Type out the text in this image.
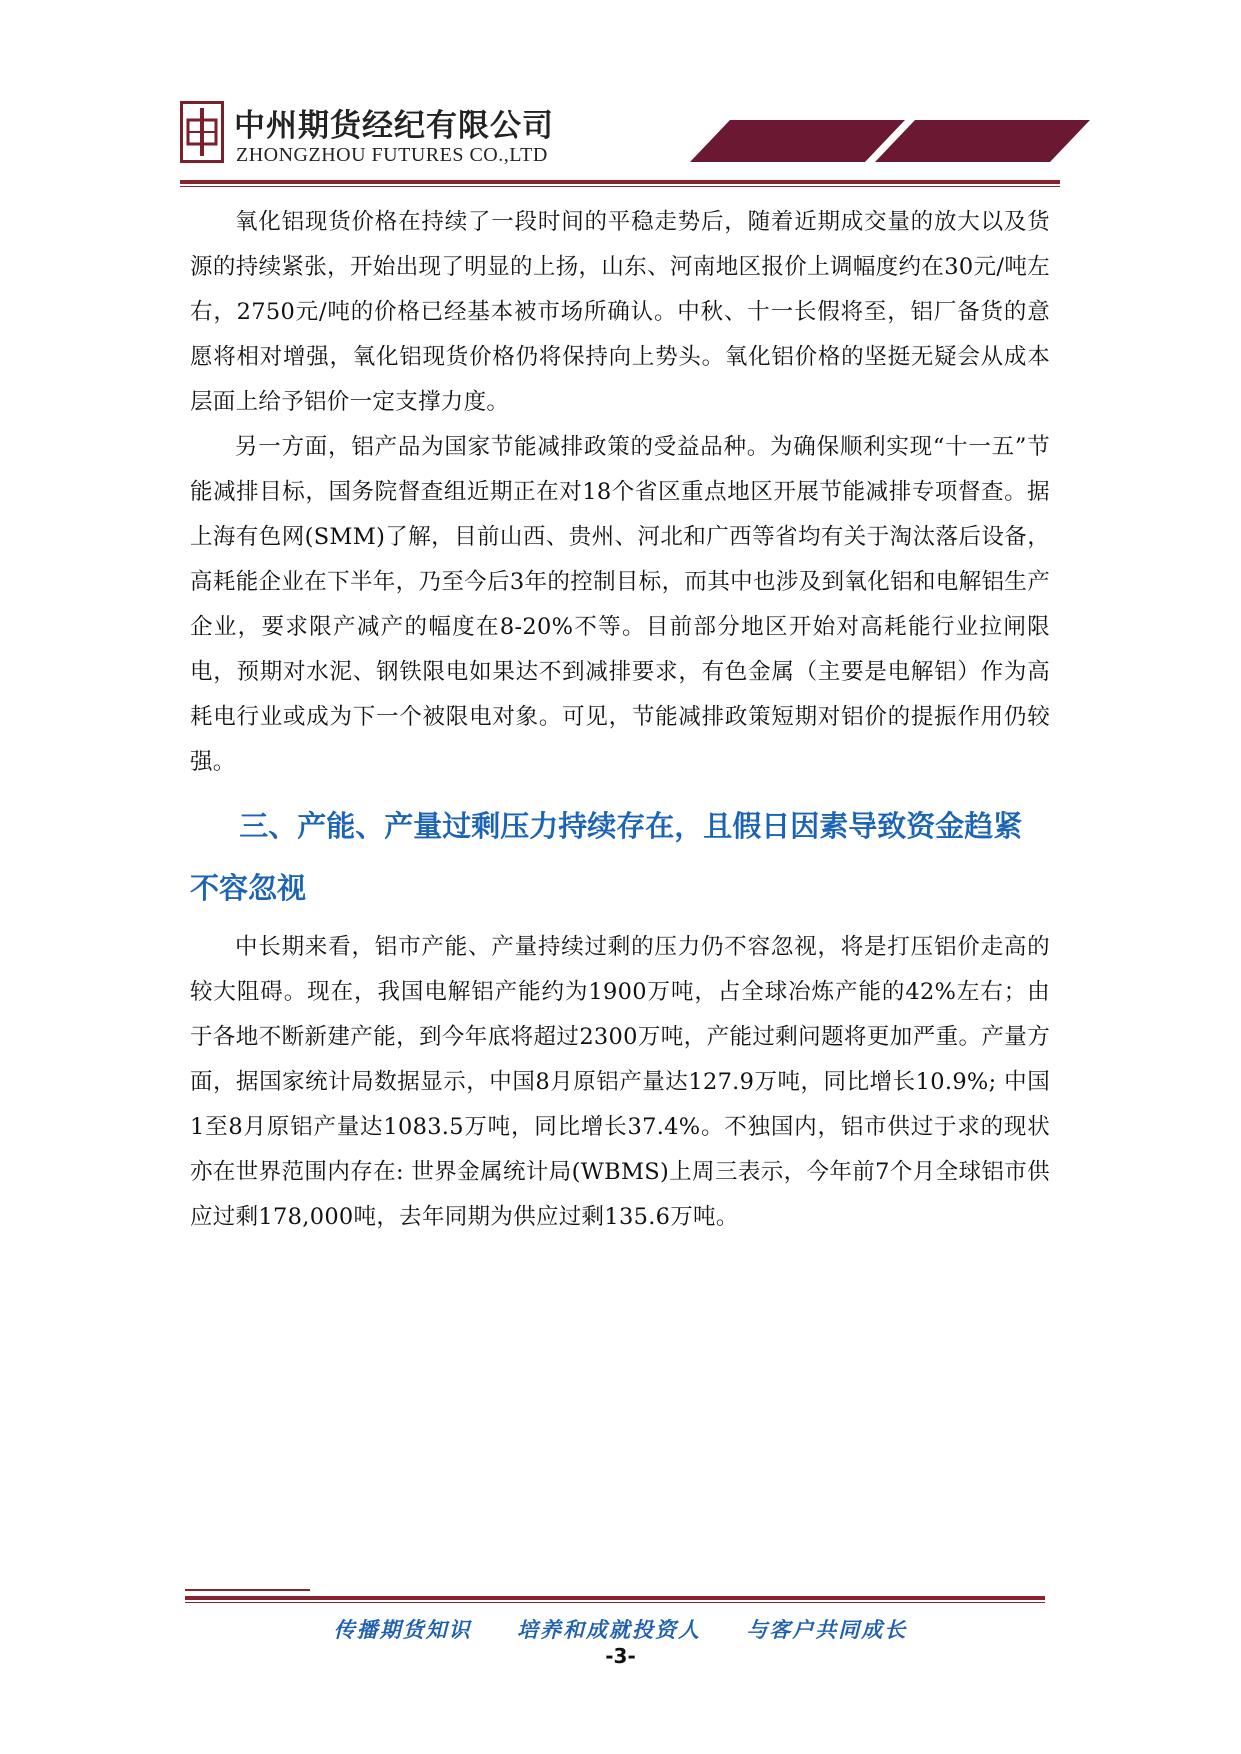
中州期货经纪有限公司
ZHONGZHOU FUTURES CO.,LTD

氧化铝现货价格在持续了一段时间的平稳走势后，随着近期成交量的放大以及货源的持续紧张，开始出现了明显的上扬，山东、河南地区报价上调幅度约在30元/吨左右，2750元/吨的价格已经基本被市场所确认。中秋、十一长假将至，铝厂备货的意愿将相对增强，氧化铝现货价格仍将保持向上势头。氧化铝价格的坚挺无疑会从成本层面上给予铝价一定支撑力度。

另一方面，铝产品为国家节能减排政策的受益品种。为确保顺利实现“十一五”节能减排目标，国务院督查组近期正在对18个省区重点地区开展节能减排专项督查。据上海有色网(SMM)了解，目前山西、贵州、河北和广西等省均有关于淘汰落后设备，高耗能企业在下半年，乃至今后3年的控制目标，而其中也涉及到氧化铝和电解铝生产企业，要求限产减产的幅度在8-20%不等。目前部分地区开始对高耗能行业拉闸限电，预期对水泥、钢铁限电如果达不到减排要求，有色金属（主要是电解铝）作为高耗电行业或成为下一个被限电对象。可见，节能减排政策短期对铝价的提振作用仍较强。

三、产能、产量过剩压力持续存在，且假日因素导致资金趋紧不容忽视

中长期来看，铝市产能、产量持续过剩的压力仍不容忽视，将是打压铝价走高的较大阻碍。现在，我国电解铝产能约为1900万吨，占全球冶炼产能的42%左右；由于各地不断新建产能，到今年底将超过2300万吨，产能过剩问题将更加严重。产量方面，据国家统计局数据显示，中国8月原铝产量达127.9万吨，同比增长10.9%; 中国1至8月原铝产量达1083.5万吨，同比增长37.4%。不独国内，铝市供过于求的现状亦在世界范围内存在: 世界金属统计局(WBMS)上周三表示，今年前7个月全球铝市供应过剩178,000吨，去年同期为供应过剩135.6万吨。

传播期货知识 培养和成就投资人 与客户共同成长
-3-
